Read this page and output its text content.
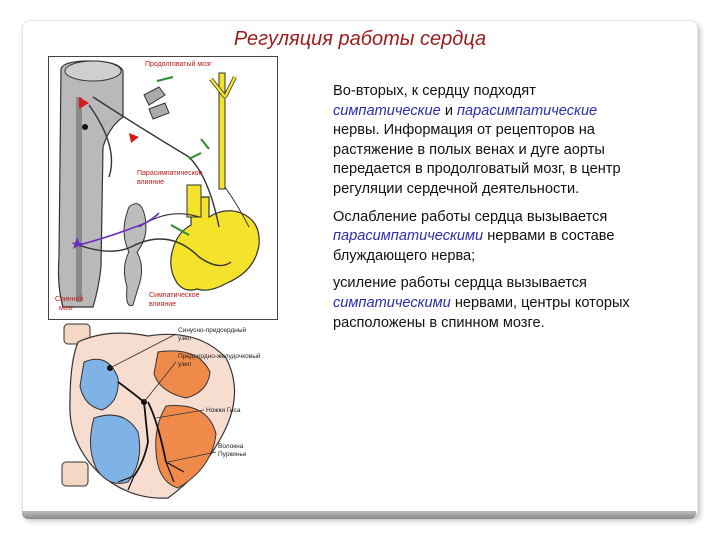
Регуляция работы сердца
Продолговатый мозг
Парасимпатическое
влияние
Спинной
мозг
Симпатическое
влияние
Синусно-предсердный
узел
Предсердно-желудочковый
узел
Ножки Гиса
Волокна
Пуркинье

Во-вторых, к сердцу подходят симпатические и парасимпатические нервы. Информация от рецепторов на растяжение в полых венах и дуге аорты передается в продолговатый мозг, в центр регуляции сердечной деятельности.

Ослабление работы сердца вызывается парасимпатическими нервами в составе блуждающего нерва;

усиление работы сердца вызывается симпатическими нервами, центры которых расположены в спинном мозге.
